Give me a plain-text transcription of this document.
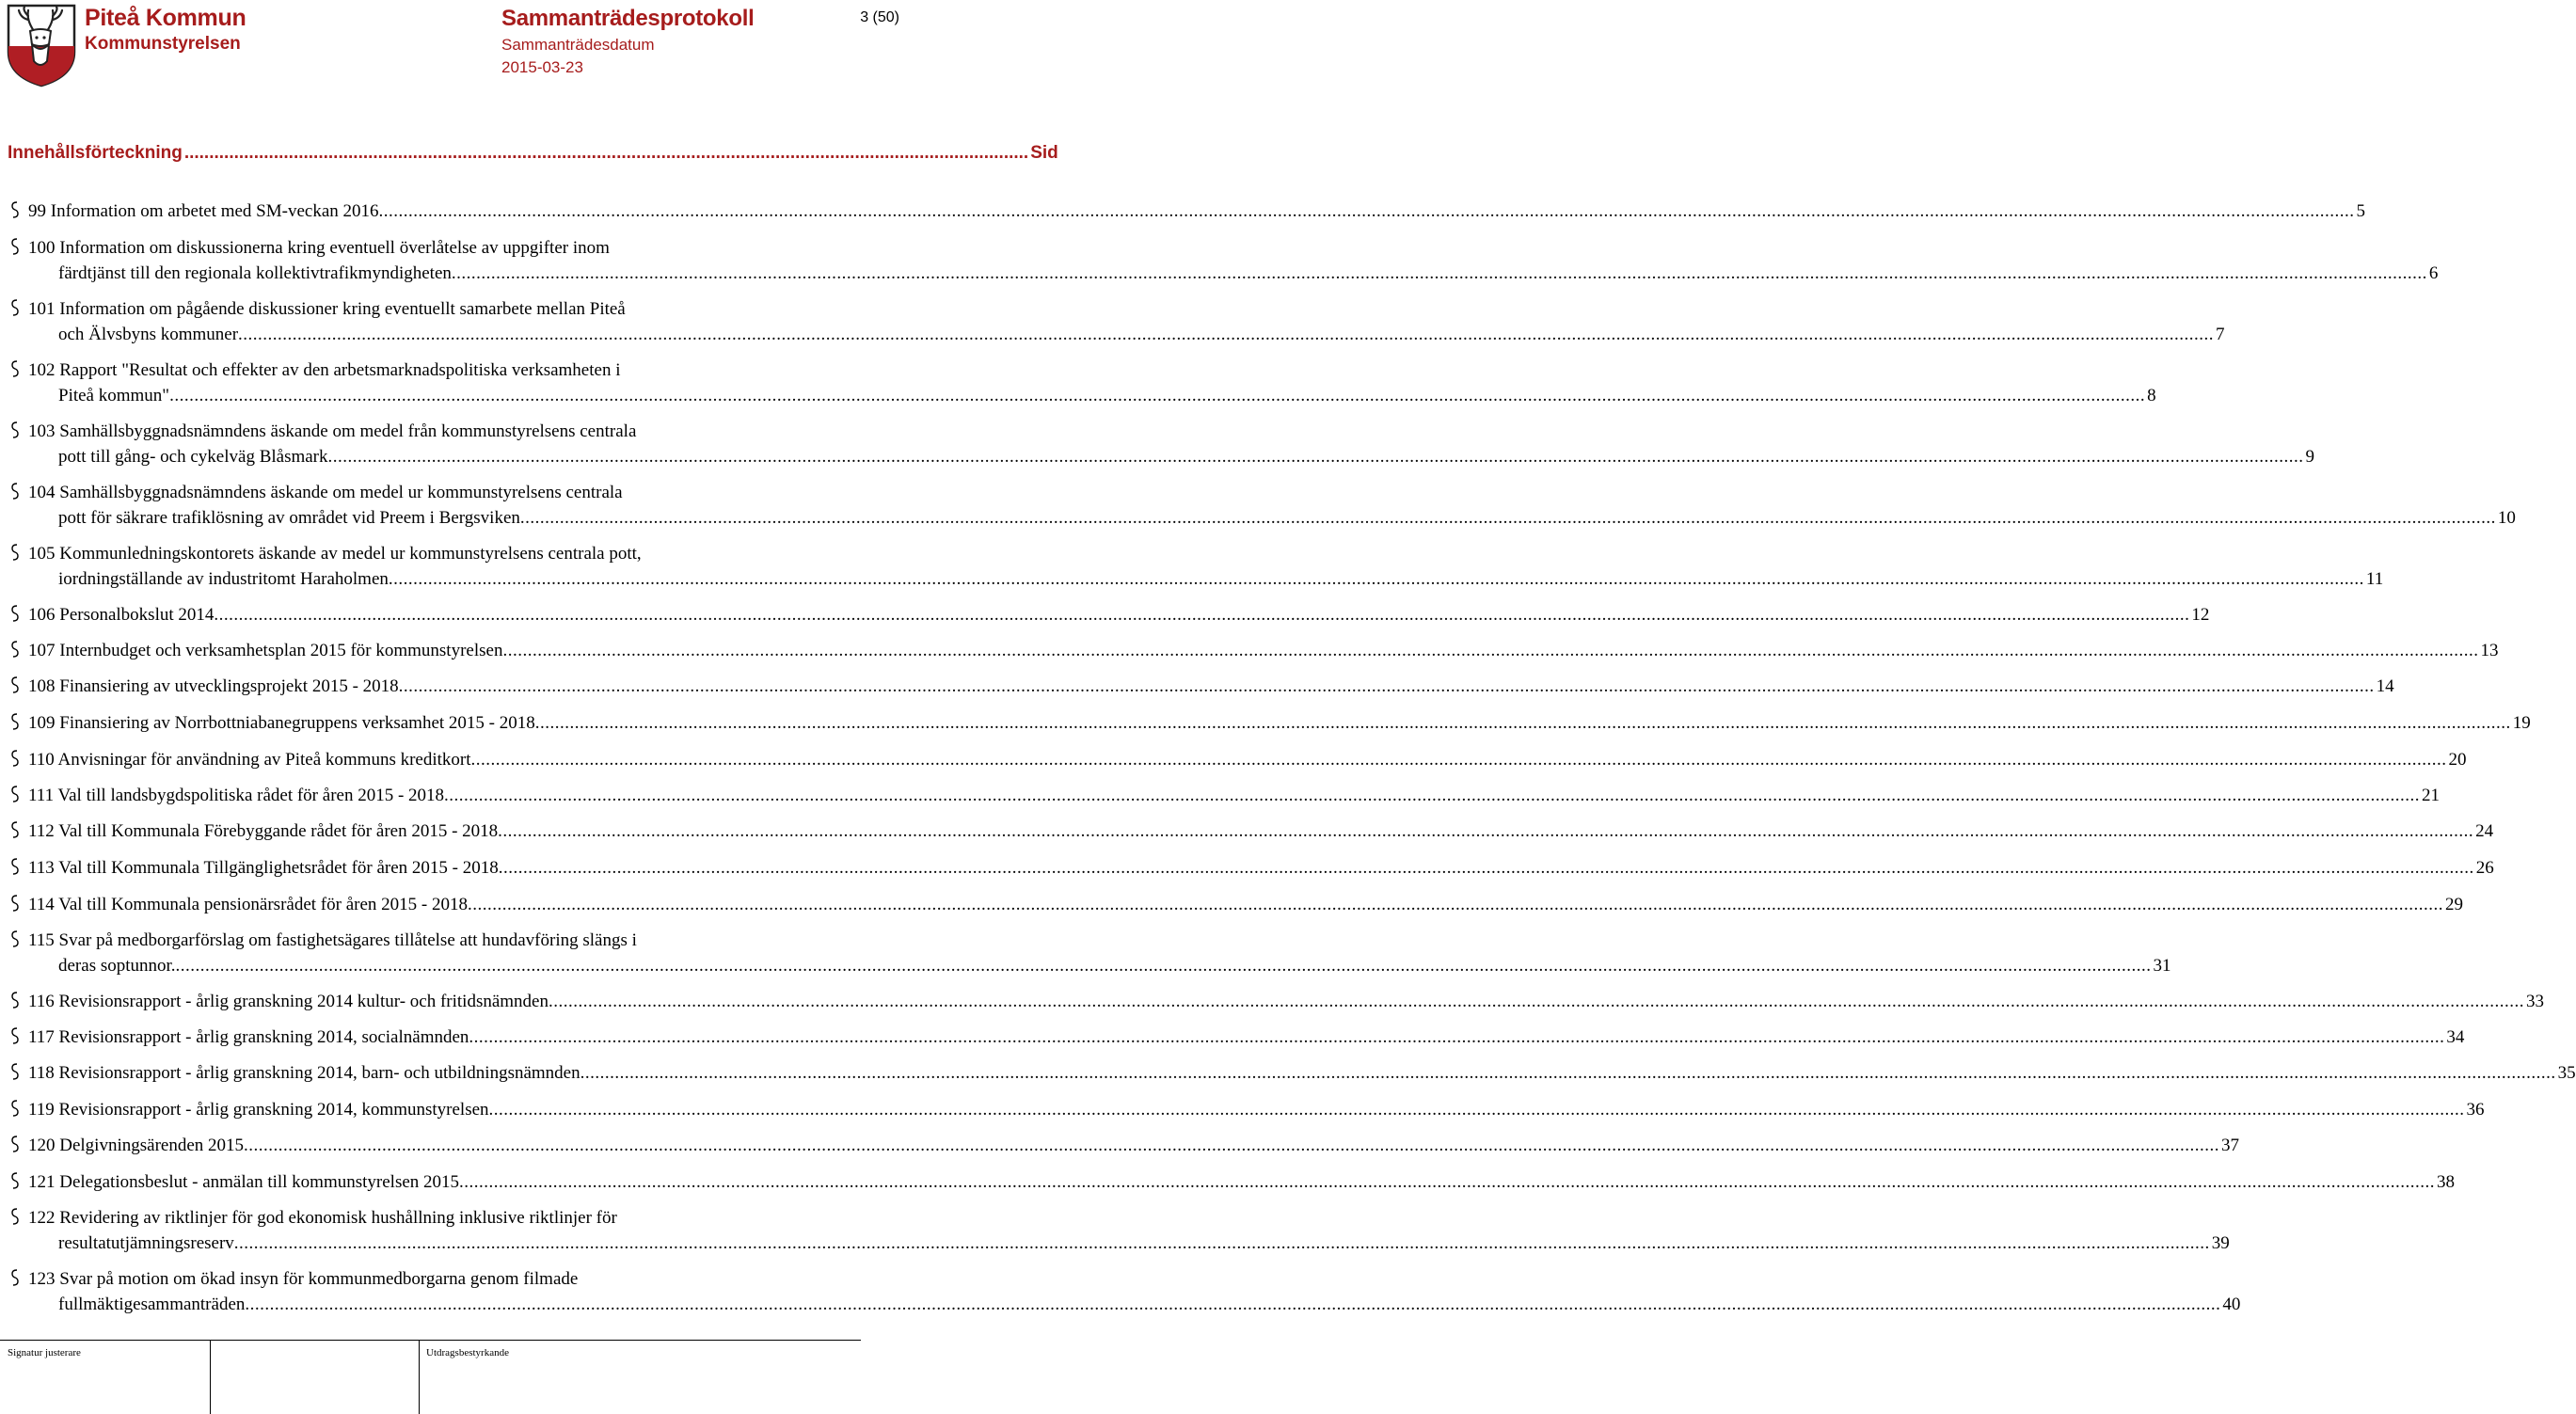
Piteå Kommun
Kommunstyrelsen
Sammanträdesprotokoll
Sammanträdesdatum
2015-03-23
3 (50)
Innehållsförteckning .......................................................................................................................................................................... Sid
99 Information om arbetet med SM-veckan 2016 ................................................................................................................................................................................................................................................................................................................................................................................................................ 5
100 Information om diskussionerna kring eventuell överlåtelse av uppgifter inom
färdtjänst till den regionala kollektivtrafikmyndigheten ................................................................................................................................................................................................................................................................................................................................................................................................................ 6
101 Information om pågående diskussioner kring eventuellt samarbete mellan Piteå
och Älvsbyns kommuner ................................................................................................................................................................................................................................................................................................................................................................................................................ 7
102 Rapport "Resultat och effekter av den arbetsmarknadspolitiska verksamheten i
Piteå kommun" ................................................................................................................................................................................................................................................................................................................................................................................................................ 8
103 Samhällsbyggnadsnämndens äskande om medel från kommunstyrelsens centrala
pott till gång- och cykelväg Blåsmark ................................................................................................................................................................................................................................................................................................................................................................................................................ 9
104 Samhällsbyggnadsnämndens äskande om medel ur kommunstyrelsens centrala
pott för säkrare trafiklösning av området vid Preem i Bergsviken ................................................................................................................................................................................................................................................................................................................................................................................................................ 10
105 Kommunledningskontorets äskande av medel ur kommunstyrelsens centrala pott,
iordningställande av industritomt Haraholmen ................................................................................................................................................................................................................................................................................................................................................................................................................ 11
106 Personalbokslut 2014 ................................................................................................................................................................................................................................................................................................................................................................................................................ 12
107 Internbudget och verksamhetsplan 2015 för kommunstyrelsen ................................................................................................................................................................................................................................................................................................................................................................................................................ 13
108 Finansiering av utvecklingsprojekt 2015 - 2018 ................................................................................................................................................................................................................................................................................................................................................................................................................ 14
109 Finansiering av Norrbottniabanegruppens verksamhet 2015 - 2018 ................................................................................................................................................................................................................................................................................................................................................................................................................ 19
110 Anvisningar för användning av Piteå kommuns kreditkort ................................................................................................................................................................................................................................................................................................................................................................................................................ 20
111 Val till landsbygdspolitiska rådet för åren 2015 - 2018 ................................................................................................................................................................................................................................................................................................................................................................................................................ 21
112 Val till Kommunala Förebyggande rådet för åren 2015 - 2018 ................................................................................................................................................................................................................................................................................................................................................................................................................ 24
113 Val till Kommunala Tillgänglighetsrådet för åren 2015 - 2018 ................................................................................................................................................................................................................................................................................................................................................................................................................ 26
114 Val till Kommunala pensionärsrådet för åren 2015 - 2018 ................................................................................................................................................................................................................................................................................................................................................................................................................ 29
115 Svar på medborgarförslag om fastighetsägares tillåtelse att hundavföring slängs i
deras soptunnor. ................................................................................................................................................................................................................................................................................................................................................................................................................ 31
116 Revisionsrapport - årlig granskning 2014 kultur- och fritidsnämnden ................................................................................................................................................................................................................................................................................................................................................................................................................ 33
117 Revisionsrapport - årlig granskning 2014, socialnämnden ................................................................................................................................................................................................................................................................................................................................................................................................................ 34
118 Revisionsrapport - årlig granskning 2014, barn- och utbildningsnämnden ................................................................................................................................................................................................................................................................................................................................................................................................................ 35
119 Revisionsrapport - årlig granskning 2014, kommunstyrelsen ................................................................................................................................................................................................................................................................................................................................................................................................................ 36
120 Delgivningsärenden 2015 ................................................................................................................................................................................................................................................................................................................................................................................................................ 37
121 Delegationsbeslut - anmälan till kommunstyrelsen 2015 ................................................................................................................................................................................................................................................................................................................................................................................................................ 38
122 Revidering av riktlinjer för god ekonomisk hushållning inklusive riktlinjer för
resultatutjämningsreserv ................................................................................................................................................................................................................................................................................................................................................................................................................ 39
123 Svar på motion om ökad insyn för kommunmedborgarna genom filmade
fullmäktigesammanträden ................................................................................................................................................................................................................................................................................................................................................................................................................ 40
Signatur justerare	Utdragsbestyrkande
